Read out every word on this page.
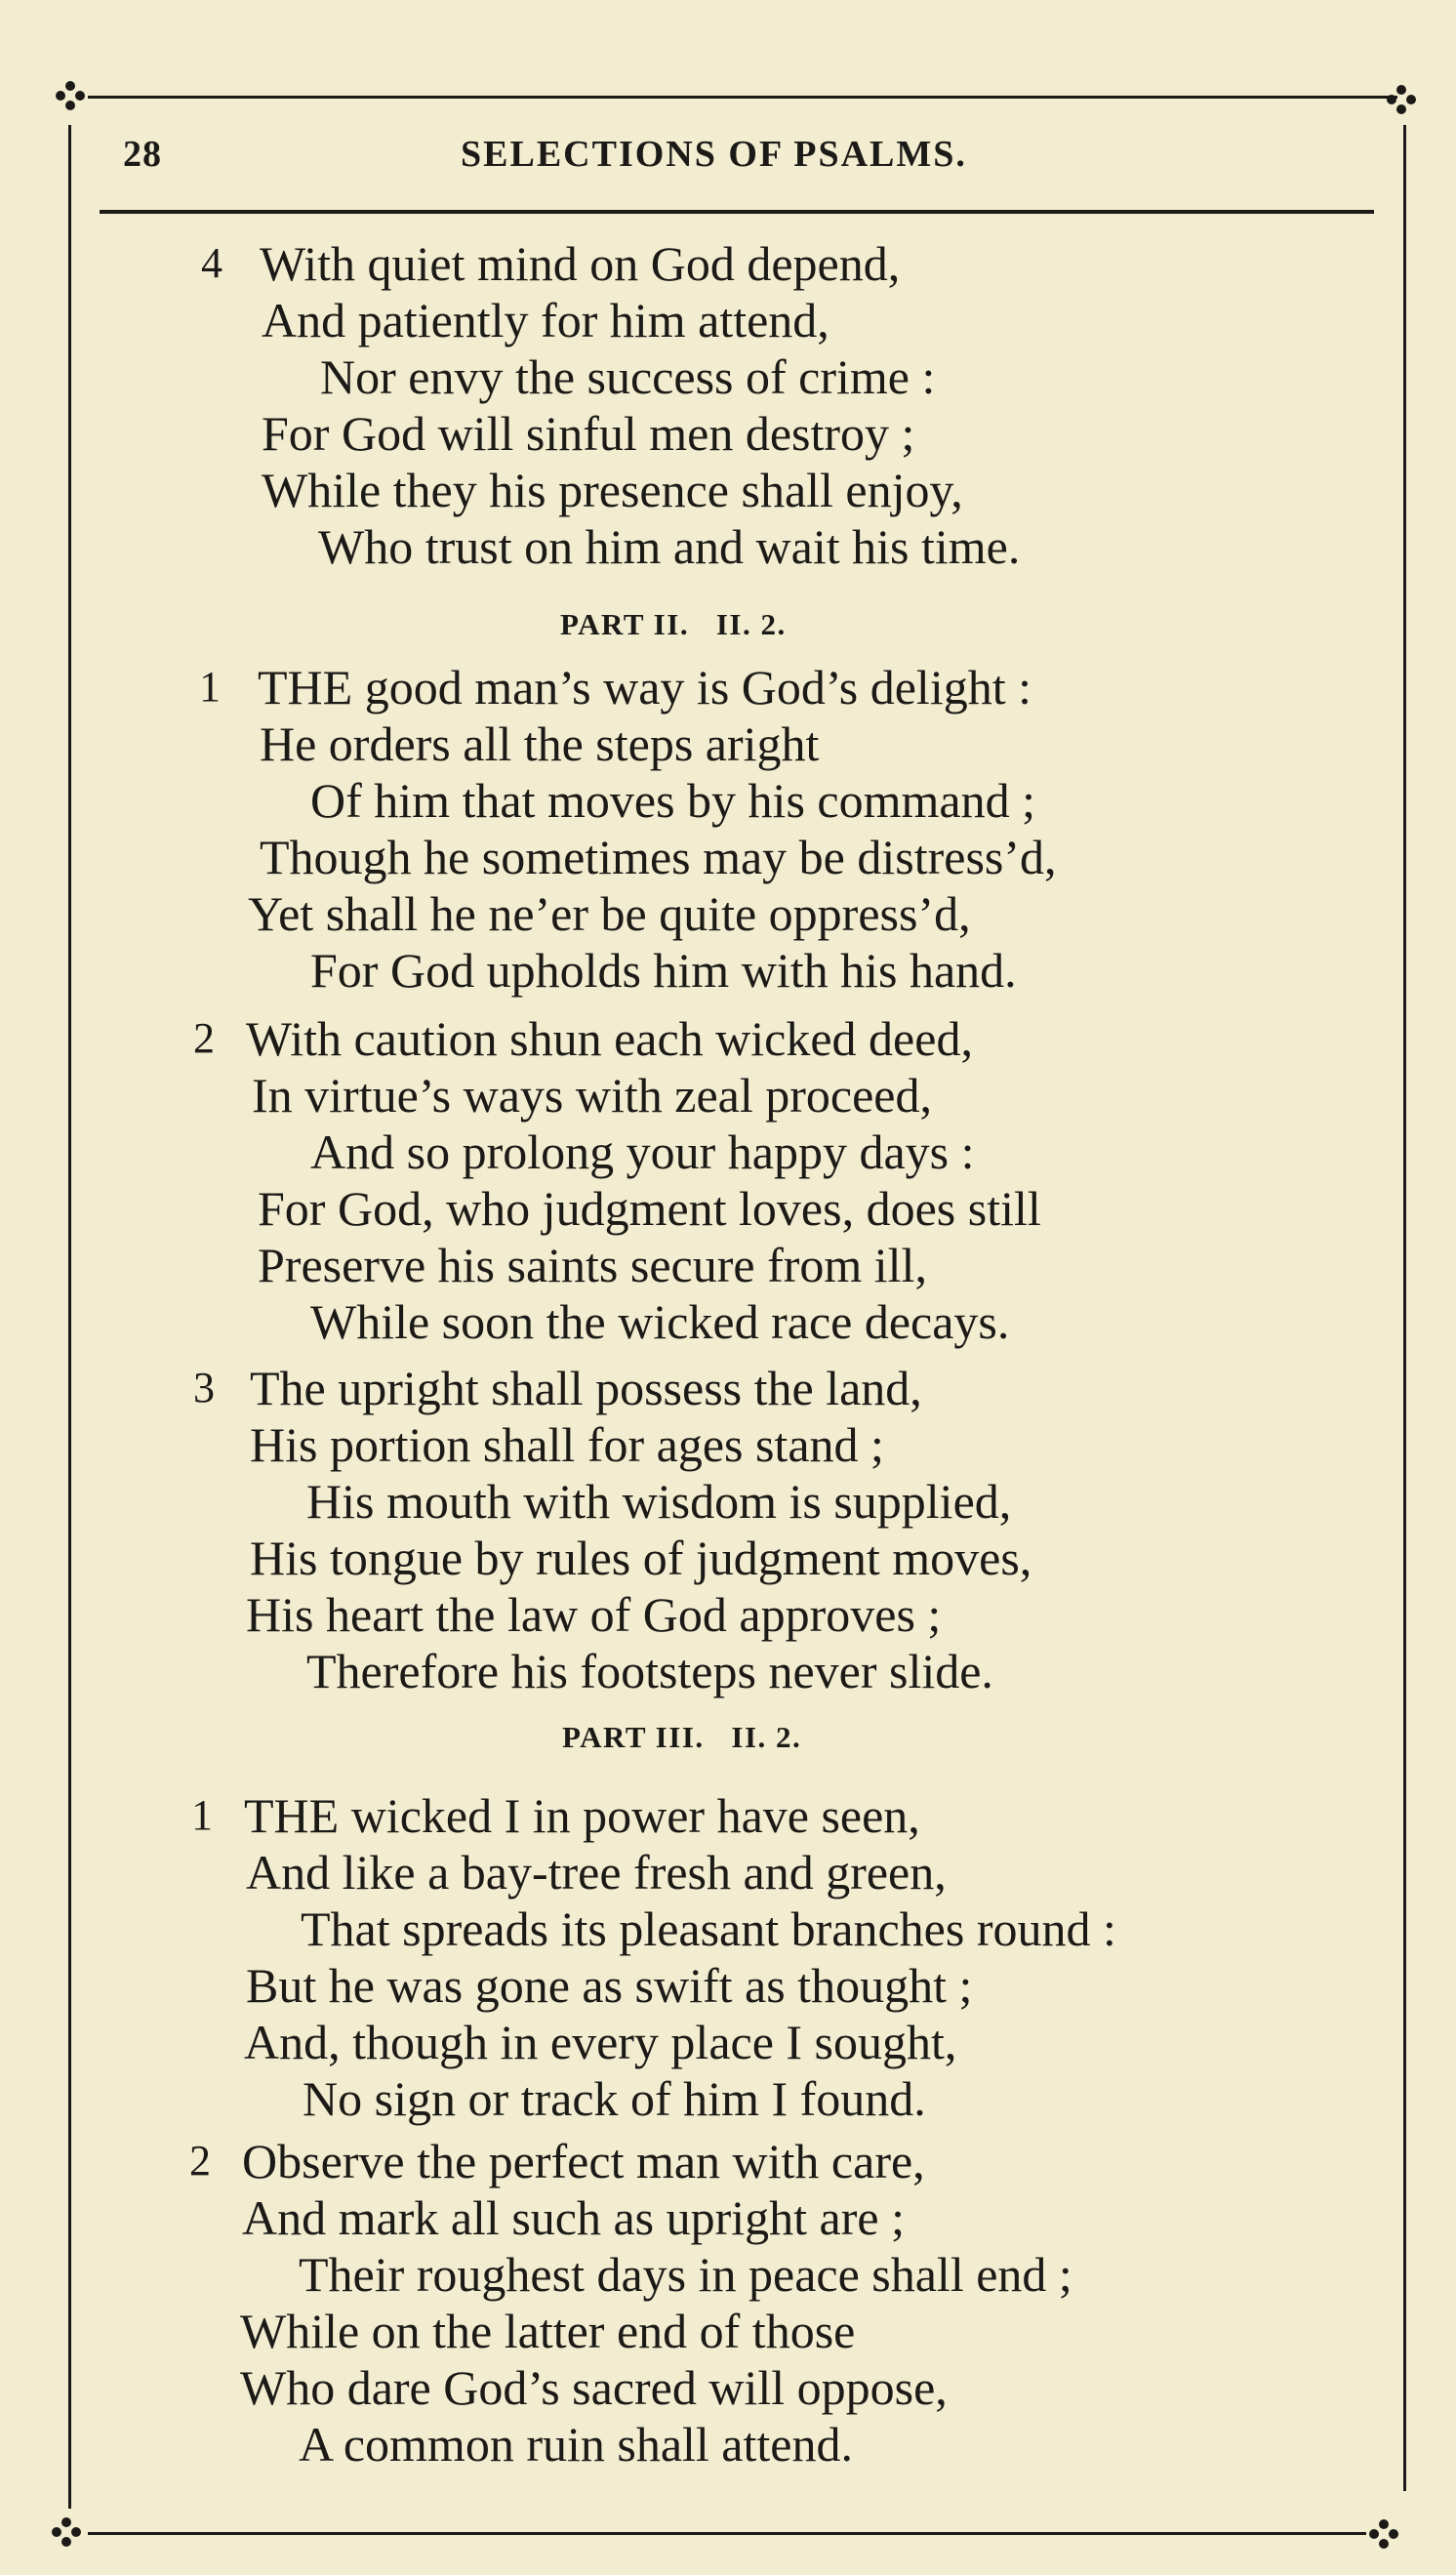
28	SELECTIONS OF PSALMS.
4 With quiet mind on God depend,
And patiently for him attend,
Nor envy the success of crime :
For God will sinful men destroy ;
While they his presence shall enjoy,
Who trust on him and wait his time.
PART II.   II. 2.
1 THE good man’s way is God’s delight :
He orders all the steps aright
Of him that moves by his command ;
Though he sometimes may be distress’d,
Yet shall he ne’er be quite oppress’d,
For God upholds him with his hand.
2 With caution shun each wicked deed,
In virtue’s ways with zeal proceed,
And so prolong your happy days :
For God, who judgment loves, does still
Preserve his saints secure from ill,
While soon the wicked race decays.
3 The upright shall possess the land,
His portion shall for ages stand ;
His mouth with wisdom is supplied,
His tongue by rules of judgment moves,
His heart the law of God approves ;
Therefore his footsteps never slide.
PART III.   II. 2.
1 THE wicked I in power have seen,
And like a bay-tree fresh and green,
That spreads its pleasant branches round :
But he was gone as swift as thought ;
And, though in every place I sought,
No sign or track of him I found.
2 Observe the perfect man with care,
And mark all such as upright are ;
Their roughest days in peace shall end ;
While on the latter end of those
Who dare God’s sacred will oppose,
A common ruin shall attend.
